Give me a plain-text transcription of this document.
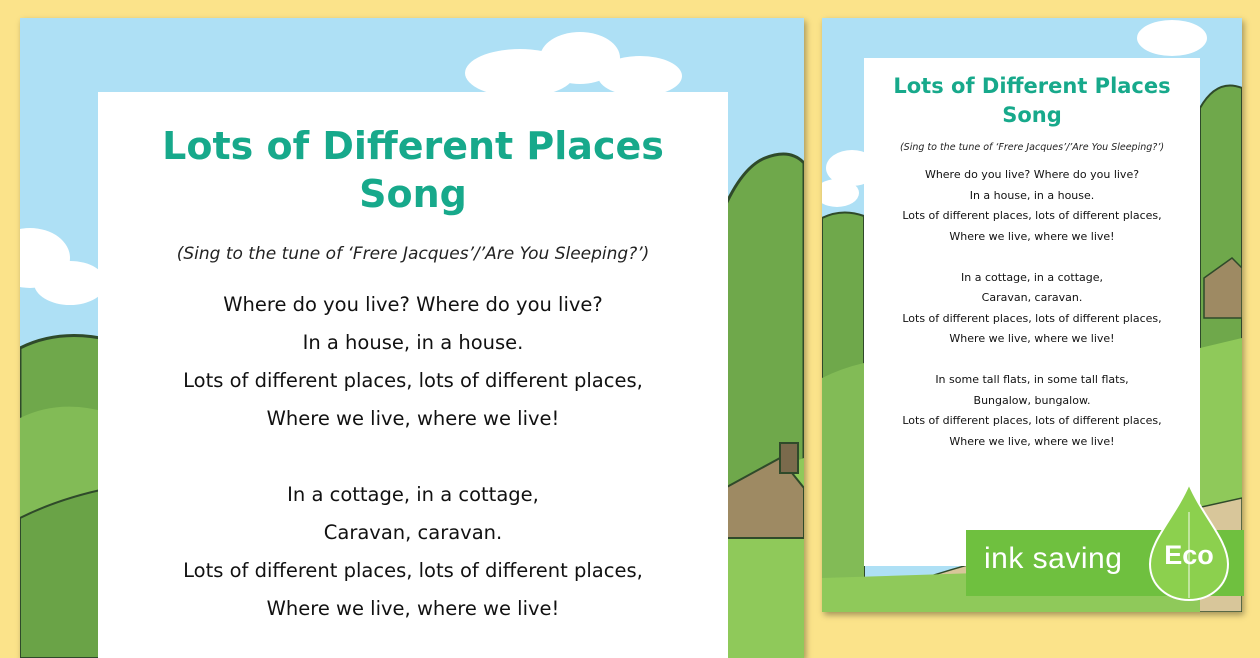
Lots of Different Places
Song
(Sing to the tune of ‘Frere Jacques’/’Are You Sleeping?’)
Where do you live? Where do you live?
In a house, in a house.
Lots of different places, lots of different places,
Where we live, where we live!
In a cottage, in a cottage,
Caravan, caravan.
Lots of different places, lots of different places,
Where we live, where we live!
Lots of Different Places
Song
(Sing to the tune of ‘Frere Jacques’/’Are You Sleeping?’)
Where do you live? Where do you live?
In a house, in a house.
Lots of different places, lots of different places,
Where we live, where we live!
In a cottage, in a cottage,
Caravan, caravan.
Lots of different places, lots of different places,
Where we live, where we live!
In some tall flats, in some tall flats,
Bungalow, bungalow.
Lots of different places, lots of different places,
Where we live, where we live!
ink saving	Eco
